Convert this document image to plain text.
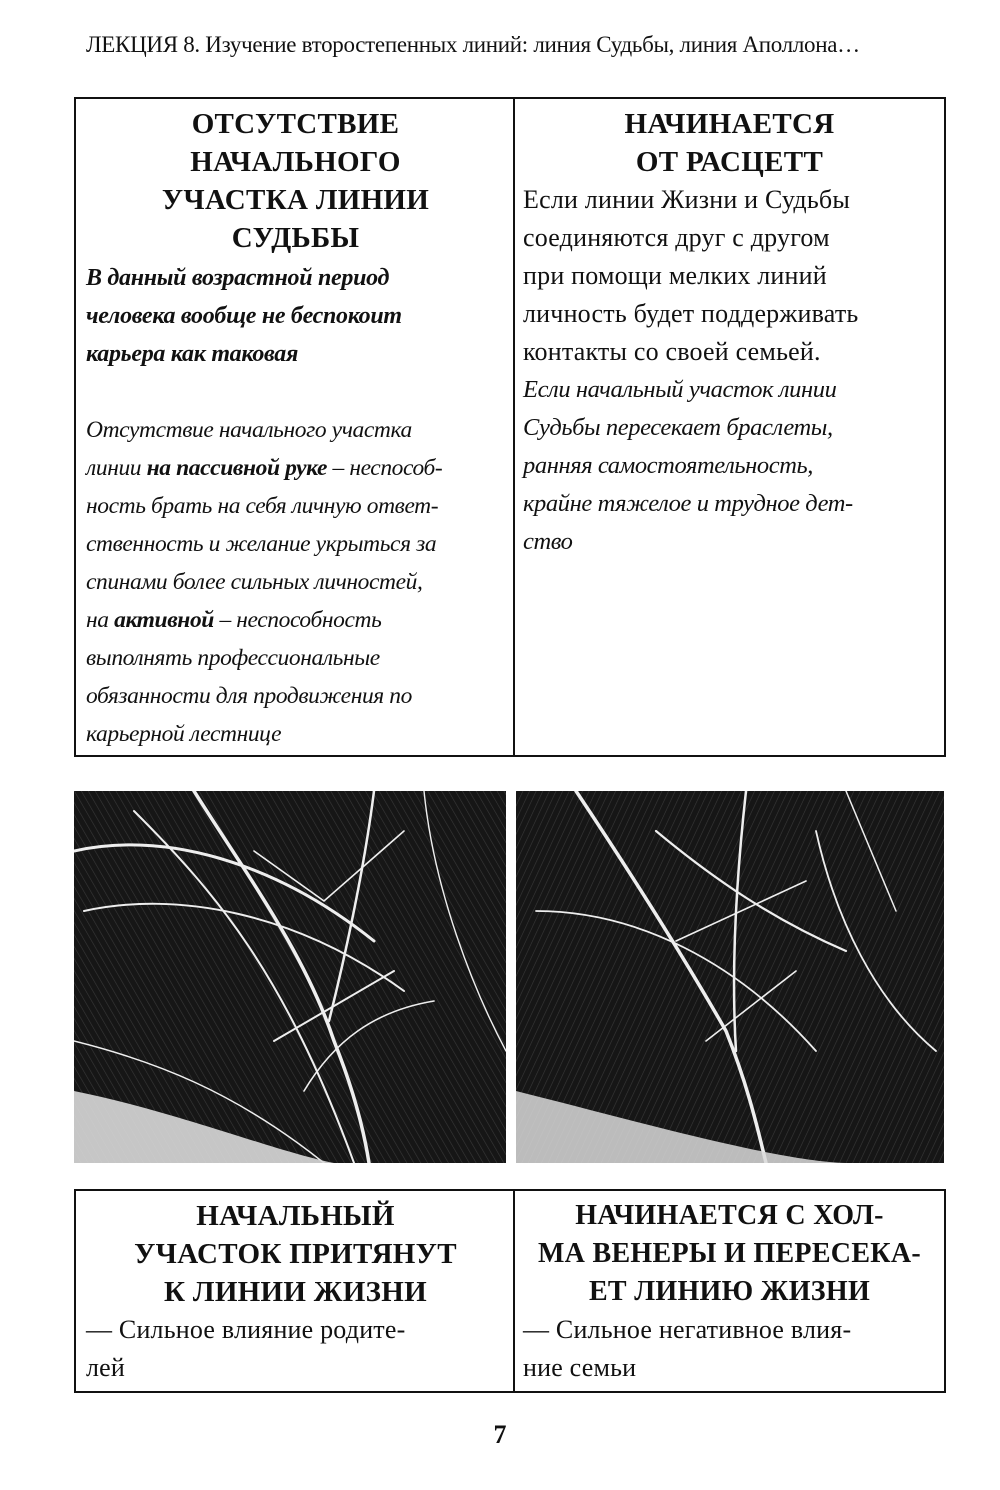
ЛЕКЦИЯ 8. Изучение второстепенных линий: линия Судьбы, линия Аполлона…
ОТСУТСТВИЕ
НАЧАЛЬНОГО
УЧАСТКА ЛИНИИ
СУДЬБЫ
В данный возрастной период
человека вообще не беспокоит
карьера как таковая
Отсутствие начального участка
линии на пассивной руке – неспособ-
ность брать на себя личную ответ-
ственность и желание укрыться за
спинами более сильных личностей,
на активной – неспособность
выполнять профессиональные
обязанности для продвижения по
карьерной лестнице
НАЧИНАЕТСЯ
ОТ РАСЦЕТТ
Если линии Жизни и Судьбы
соединяются друг с другом
при помощи мелких линий
личность будет поддерживать
контакты со своей семьей.
Если начальный участок линии
Судьбы пересекает браслеты,
ранняя самостоятельность,
крайне тяжелое и трудное дет-
ство
НАЧАЛЬНЫЙ
УЧАСТОК ПРИТЯНУТ
К ЛИНИИ ЖИЗНИ
— Сильное влияние родите-
лей
НАЧИНАЕТСЯ С ХОЛ-
МА ВЕНЕРЫ И ПЕРЕСЕКА-
ЕТ ЛИНИЮ ЖИЗНИ
— Сильное негативное влия-
ние семьи
7
